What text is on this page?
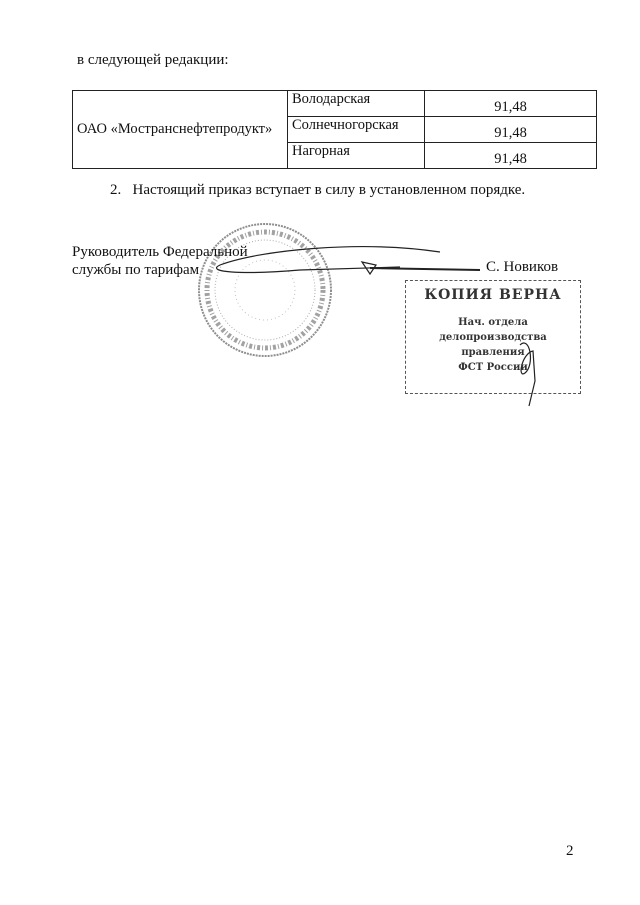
в следующей редакции:
ОАО «Мостранснефтепродукт»	Володарская	91,48
	Солнечногорская	91,48
	Нагорная	91,48
2. Настоящий приказ вступает в силу в установленном порядке.
Руководитель Федеральной
службы по тарифам
КОПИЯ ВЕРНА
Нач. отдела
делопроизводства правления
ФСТ России
С. Новиков
2
